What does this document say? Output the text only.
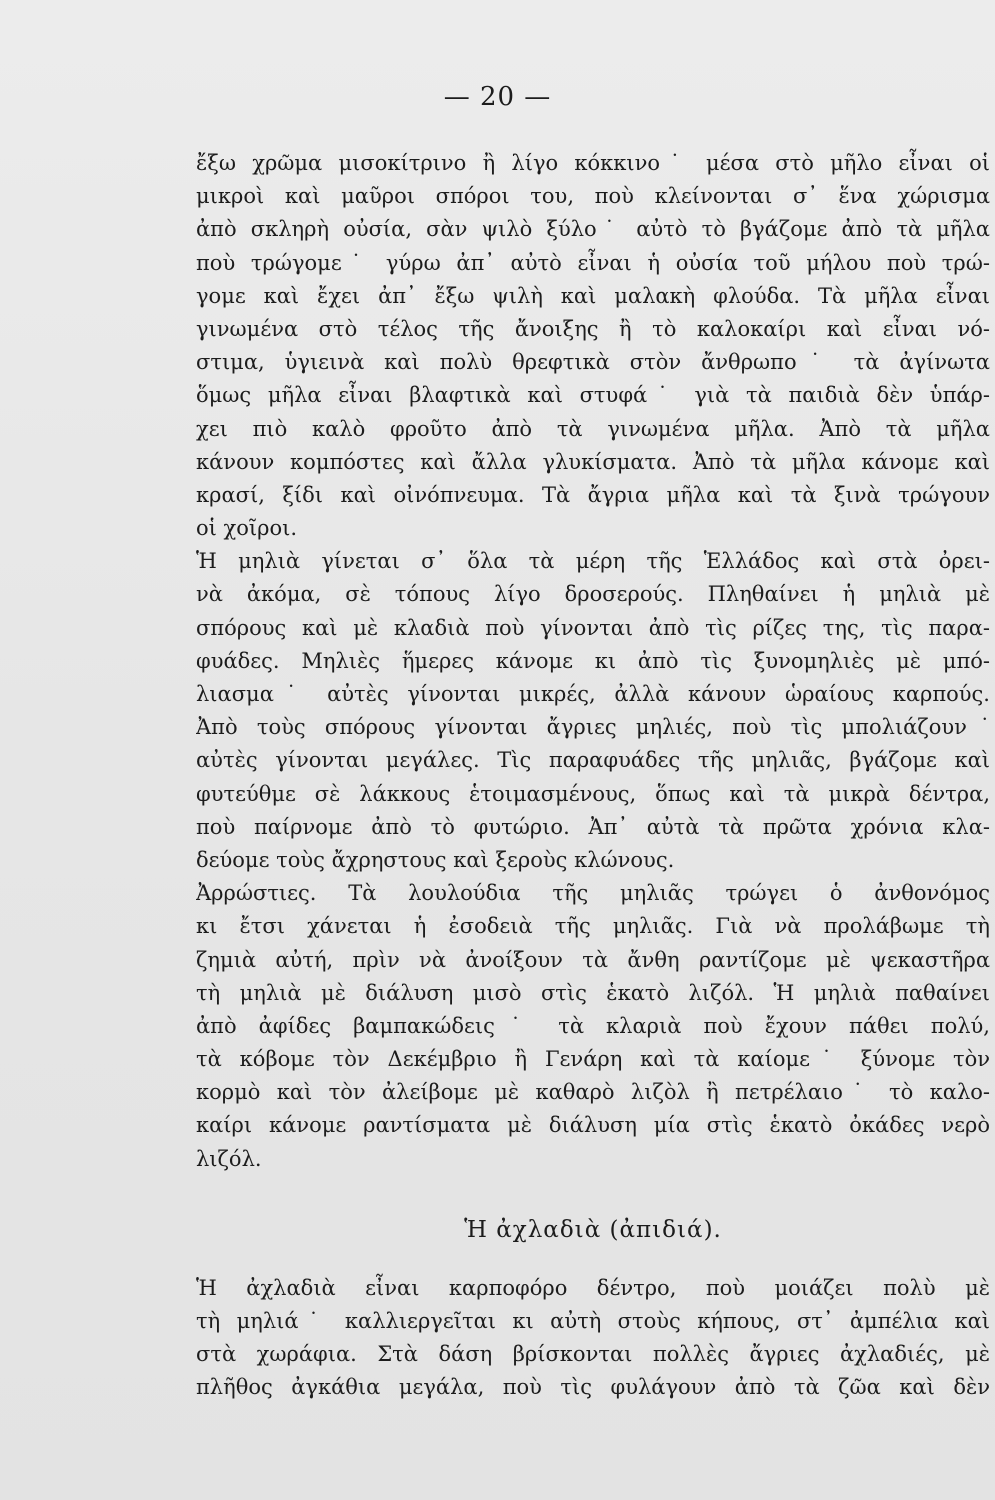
— 20 —
ἔξω χρῶμα μισοκίτρινο ἢ λίγο κόκκινο˙ μέσα στὸ μῆλο εἶναι οἱ
μικροὶ καὶ μαῦροι σπόροι του, ποὺ κλείνονται σ᾽ ἕνα χώρισμα
ἀπὸ σκληρὴ οὐσία, σὰν ψιλὸ ξύλο˙ αὐτὸ τὸ βγάζομε ἀπὸ τὰ μῆλα
ποὺ τρώγομε˙ γύρω ἀπ᾽ αὐτὸ εἶναι ἡ οὐσία τοῦ μήλου ποὺ τρώ-
γομε καὶ ἔχει ἀπ᾽ ἔξω ψιλὴ καὶ μαλακὴ φλούδα. Τὰ μῆλα εἶναι
γινωμένα στὸ τέλος τῆς ἄνοιξης ἢ τὸ καλοκαίρι καὶ εἶναι νό-
στιμα, ὑγιεινὰ καὶ πολὺ θρεφτικὰ στὸν ἄνθρωπο˙ τὰ ἀγίνωτα
ὅμως μῆλα εἶναι βλαφτικὰ καὶ στυφά˙ γιὰ τὰ παιδιὰ δὲν ὑπάρ-
χει πιὸ καλὸ φροῦτο ἀπὸ τὰ γινωμένα μῆλα. Ἀπὸ τὰ μῆλα
κάνουν κομπόστες καὶ ἄλλα γλυκίσματα. Ἀπὸ τὰ μῆλα κάνομε καὶ
κρασί, ξίδι καὶ οἰνόπνευμα. Τὰ ἄγρια μῆλα καὶ τὰ ξινὰ τρώγουν
οἱ χοῖροι.
Ἡ μηλιὰ γίνεται σ᾽ ὅλα τὰ μέρη τῆς Ἑλλάδος καὶ στὰ ὀρει-
νὰ ἀκόμα, σὲ τόπους λίγο δροσερούς. Πληθαίνει ἡ μηλιὰ μὲ
σπόρους καὶ μὲ κλαδιὰ ποὺ γίνονται ἀπὸ τὶς ρίζες της, τὶς παρα-
φυάδες. Μηλιὲς ἥμερες κάνομε κι ἀπὸ τὶς ξυνομηλιὲς μὲ μπό-
λιασμα˙ αὐτὲς γίνονται μικρές, ἀλλὰ κάνουν ὡραίους καρπούς.
Ἀπὸ τοὺς σπόρους γίνονται ἄγριες μηλιές, ποὺ τὶς μπολιάζουν˙
αὐτὲς γίνονται μεγάλες. Τὶς παραφυάδες τῆς μηλιᾶς, βγάζομε καὶ
φυτεύθμε σὲ λάκκους ἑτοιμασμένους, ὅπως καὶ τὰ μικρὰ δέντρα,
ποὺ παίρνομε ἀπὸ τὸ φυτώριο. Ἀπ᾽ αὐτὰ τὰ πρῶτα χρόνια κλα-
δεύομε τοὺς ἄχρηστους καὶ ξεροὺς κλώνους.
Ἀρρώστιες. Τὰ λουλούδια τῆς μηλιᾶς τρώγει ὁ ἀνθονόμος
κι ἔτσι χάνεται ἡ ἐσοδειὰ τῆς μηλιᾶς. Γιὰ νὰ προλάβωμε τὴ
ζημιὰ αὐτή, πρὶν νὰ ἀνοίξουν τὰ ἄνθη ραντίζομε μὲ ψεκαστῆρα
τὴ μηλιὰ μὲ διάλυση μισὸ στὶς ἑκατὸ λιζόλ. Ἡ μηλιὰ παθαίνει
ἀπὸ ἀφίδες βαμπακώδεις˙ τὰ κλαριὰ ποὺ ἔχουν πάθει πολύ,
τὰ κόβομε τὸν Δεκέμβριο ἢ Γενάρη καὶ τὰ καίομε˙ ξύνομε τὸν
κορμὸ καὶ τὸν ἀλείβομε μὲ καθαρὸ λιζὸλ ἢ πετρέλαιο˙ τὸ καλο-
καίρι κάνομε ραντίσματα μὲ διάλυση μία στὶς ἑκατὸ ὀκάδες νερὸ
λιζόλ.
Ἡ ἀχλαδιὰ (ἀπιδιά).
Ἡ ἀχλαδιὰ εἶναι καρποφόρο δέντρο, ποὺ μοιάζει πολὺ μὲ
τὴ μηλιά˙ καλλιεργεῖται κι αὐτὴ στοὺς κήπους, στ᾽ ἀμπέλια καὶ
στὰ χωράφια. Στὰ δάση βρίσκονται πολλὲς ἄγριες ἀχλαδιές, μὲ
πλῆθος ἀγκάθια μεγάλα, ποὺ τὶς φυλάγουν ἀπὸ τὰ ζῶα καὶ δὲν
